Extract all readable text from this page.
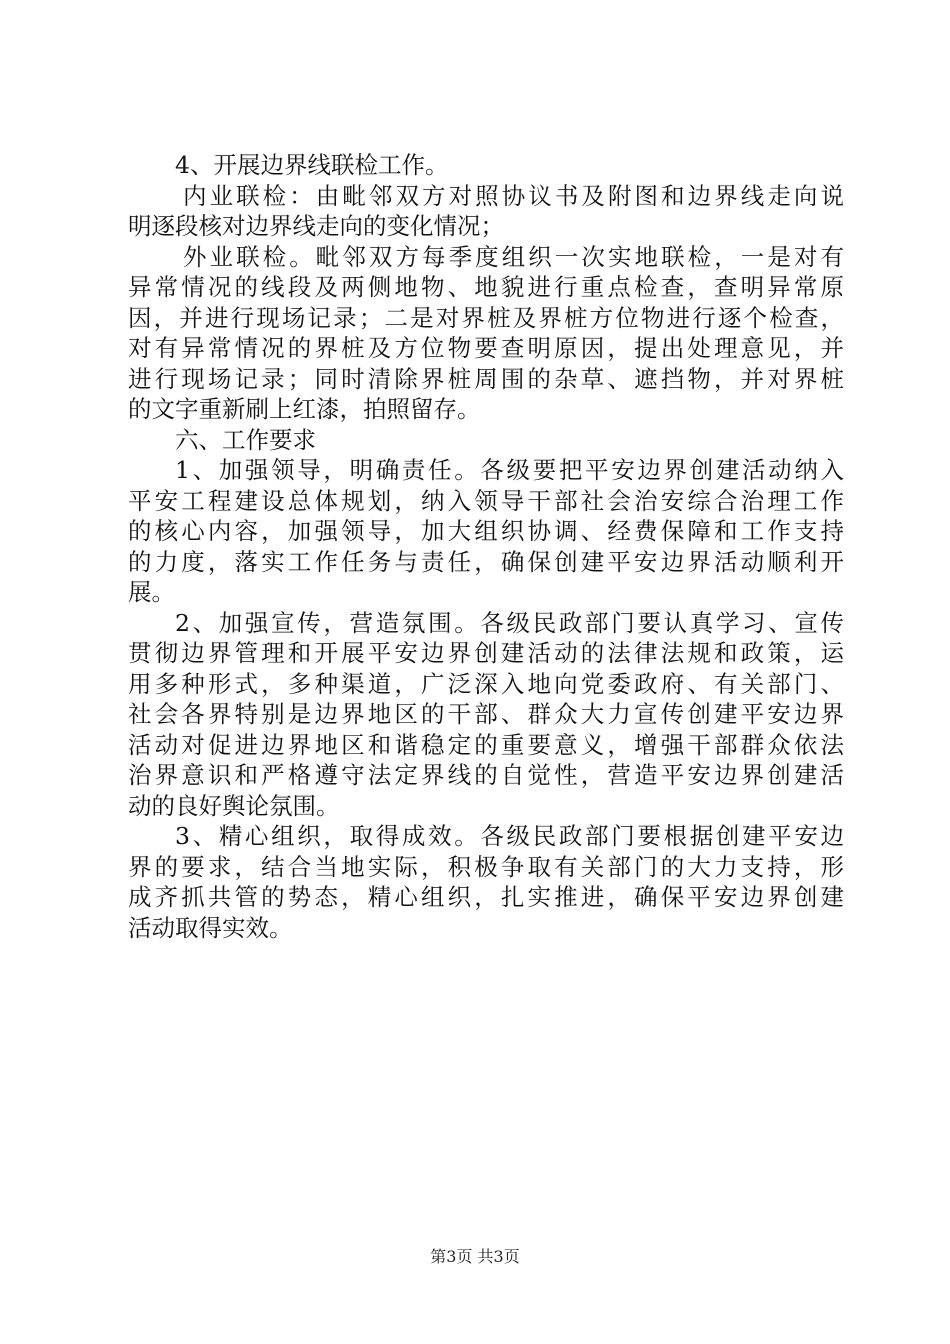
4、开展边界线联检工作。
内业联检：由毗邻双方对照协议书及附图和边界线走向说
明逐段核对边界线走向的变化情况；
外业联检。毗邻双方每季度组织一次实地联检，一是对有
异常情况的线段及两侧地物、地貌进行重点检查，查明异常原
因，并进行现场记录；二是对界桩及界桩方位物进行逐个检查，
对有异常情况的界桩及方位物要查明原因，提出处理意见，并
进行现场记录；同时清除界桩周围的杂草、遮挡物，并对界桩
的文字重新刷上红漆，拍照留存。
六、工作要求
1、加强领导，明确责任。各级要把平安边界创建活动纳入
平安工程建设总体规划，纳入领导干部社会治安综合治理工作
的核心内容，加强领导，加大组织协调、经费保障和工作支持
的力度，落实工作任务与责任，确保创建平安边界活动顺利开
展。
2、加强宣传，营造氛围。各级民政部门要认真学习、宣传
贯彻边界管理和开展平安边界创建活动的法律法规和政策，运
用多种形式，多种渠道，广泛深入地向党委政府、有关部门、
社会各界特别是边界地区的干部、群众大力宣传创建平安边界
活动对促进边界地区和谐稳定的重要意义，增强干部群众依法
治界意识和严格遵守法定界线的自觉性，营造平安边界创建活
动的良好舆论氛围。
3、精心组织，取得成效。各级民政部门要根据创建平安边
界的要求，结合当地实际，积极争取有关部门的大力支持，形
成齐抓共管的势态，精心组织，扎实推进，确保平安边界创建
活动取得实效。
第3页 共3页
